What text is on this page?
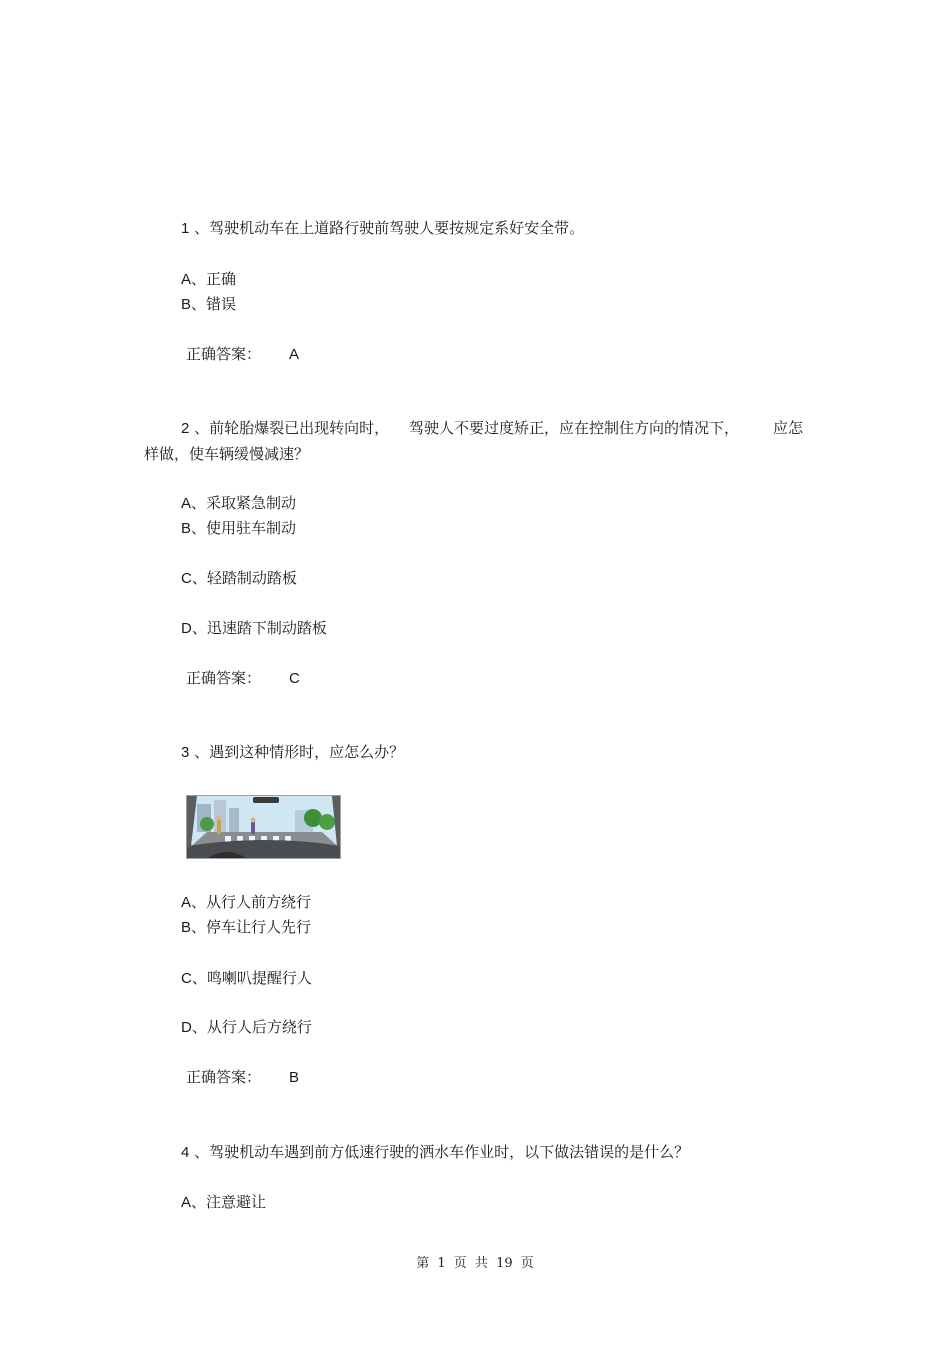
1 、驾驶机动车在上道路行驶前驾驶人要按规定系好安全带。
A、正确
B、错误
正确答案： A
2 、前轮胎爆裂已出现转向时， 驾驶人不要过度矫正，应在控制住方向的情况下， 应怎
样做，使车辆缓慢减速？
A、采取紧急制动
B、使用驻车制动
C、轻踏制动踏板
D、迅速踏下制动踏板
正确答案： C
3 、遇到这种情形时，应怎么办？
A、从行人前方绕行
B、停车让行人先行
C、鸣喇叭提醒行人
D、从行人后方绕行
正确答案： B
4 、驾驶机动车遇到前方低速行驶的洒水车作业时，以下做法错误的是什么？
A、注意避让
第 1 页 共 19 页
